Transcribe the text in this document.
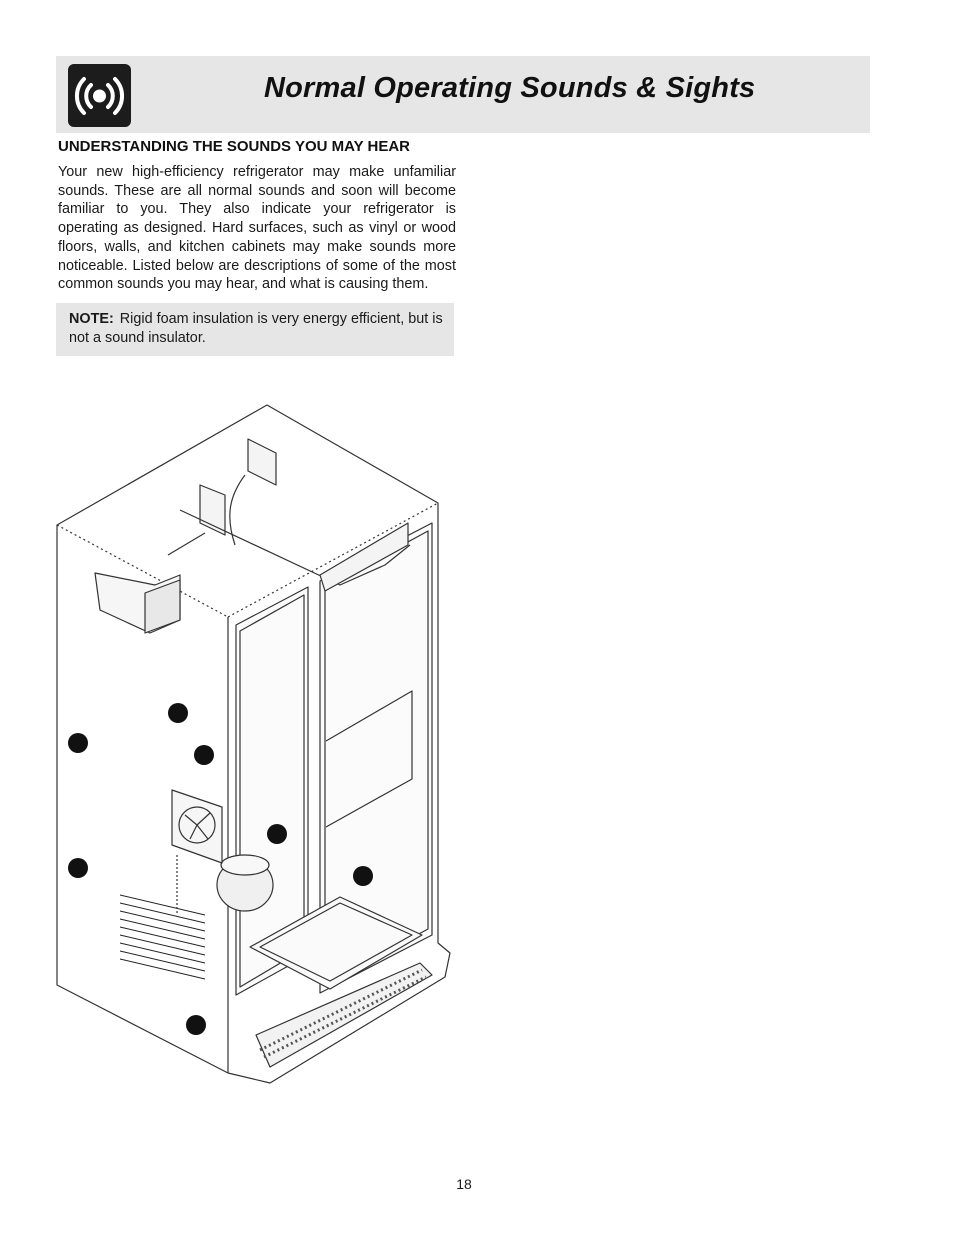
Normal Operating Sounds & Sights
UNDERSTANDING THE SOUNDS YOU MAY HEAR

Your new high-efficiency refrigerator may make unfamiliar sounds. These are all normal sounds and soon will become familiar to you. They also indicate your refrigerator is operating as designed. Hard surfaces, such as vinyl or wood floors, walls, and kitchen cabinets may make sounds more noticeable. Listed below are descriptions of some of the most common sounds you may hear, and what is causing them.

NOTE: Rigid foam insulation is very energy efficient, but is not a sound insulator.

18
